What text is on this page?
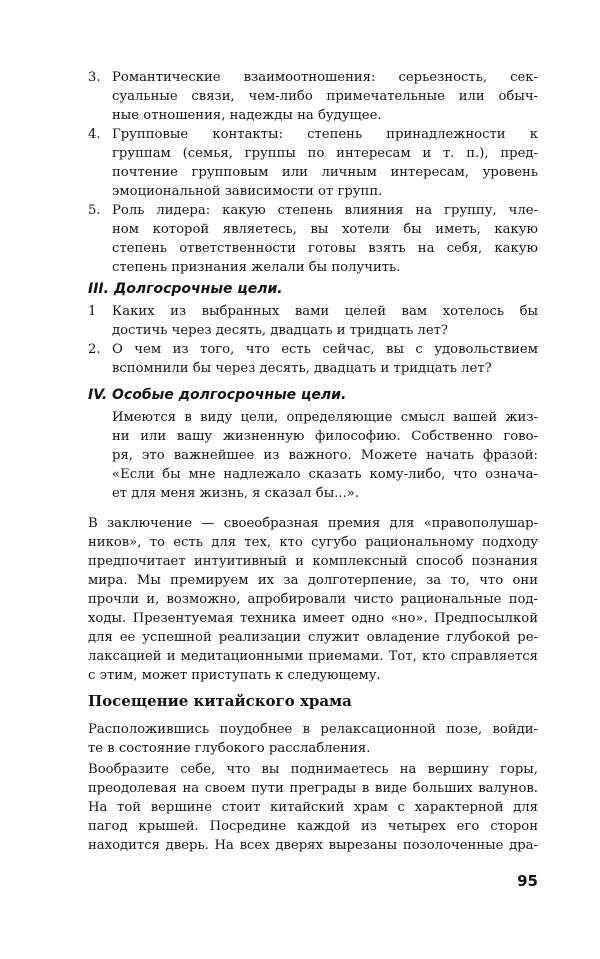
3. Романтические взаимоотношения: серьезность, сек-
суальные связи, чем-либо примечательные или обыч-
ные отношения, надежды на будущее.
4. Групповые контакты: степень принадлежности к
группам (семья, группы по интересам и т. п.), пред-
почтение групповым или личным интересам, уровень
эмоциональной зависимости от групп.
5. Роль лидера: какую степень влияния на группу, чле-
ном которой являетесь, вы хотели бы иметь, какую
степень ответственности готовы взять на себя, какую
степень признания желали бы получить.
III. Долгосрочные цели.
1 Каких из выбранных вами целей вам хотелось бы
достичь через десять, двадцать и тридцать лет?
2. О чем из того, что есть сейчас, вы с удовольствием
вспомнили бы через десять, двадцать и тридцать лет?
IV. Особые долгосрочные цели.
Имеются в виду цели, определяющие смысл вашей жиз-
ни или вашу жизненную философию. Собственно гово-
ря, это важнейшее из важного. Можете начать фразой:
«Если бы мне надлежало сказать кому-либо, что означа-
ет для меня жизнь, я сказал бы...».
В заключение — своеобразная премия для «правополушар-
ников», то есть для тех, кто сугубо рациональному подходу
предпочитает интуитивный и комплексный способ познания
мира. Мы премируем их за долготерпение, за то, что они
прочли и, возможно, апробировали чисто рациональные под-
ходы. Презентуемая техника имеет одно «но». Предпосылкой
для ее успешной реализации служит овладение глубокой ре-
лаксацией и медитационными приемами. Тот, кто справляется
с этим, может приступать к следующему.
Посещение китайского храма
Расположившись поудобнее в релаксационной позе, войди-
те в состояние глубокого расслабления.
Вообразите себе, что вы поднимаетесь на вершину горы,
преодолевая на своем пути преграды в виде больших валунов.
На той вершине стоит китайский храм с характерной для
пагод крышей. Посредине каждой из четырех его сторон
находится дверь. На всех дверях вырезаны позолоченные дра-
95
